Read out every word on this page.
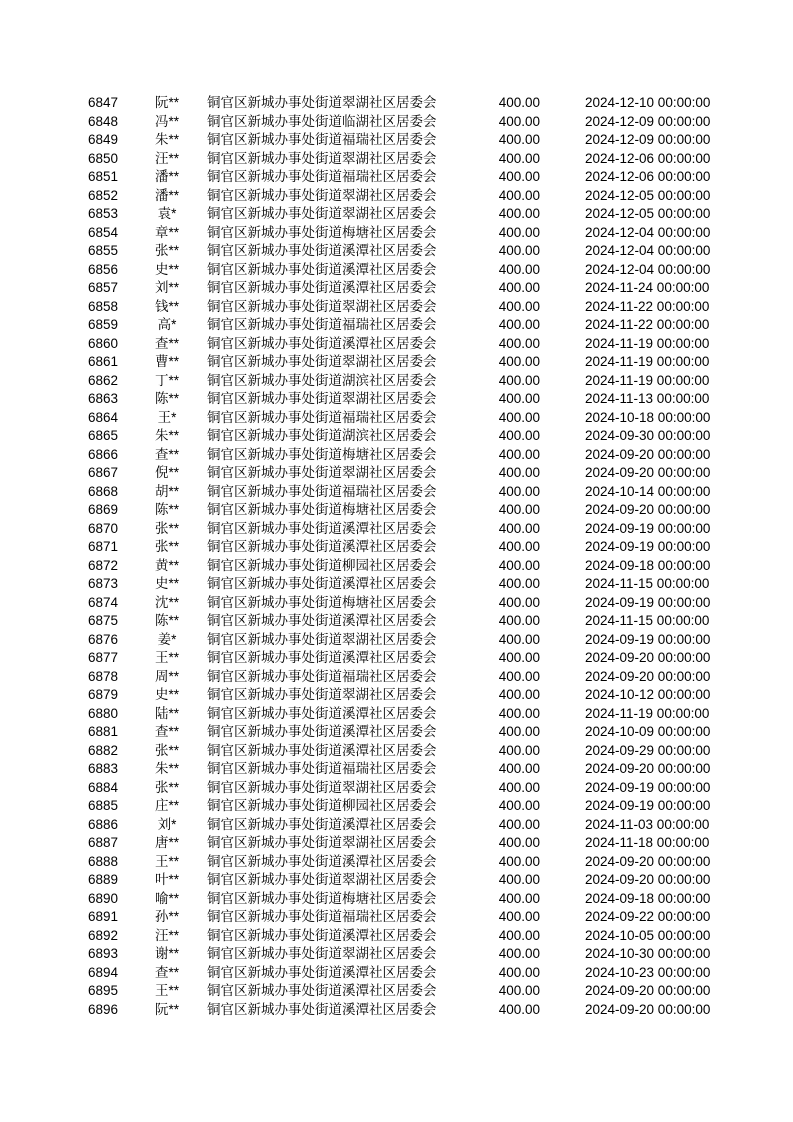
6847	阮**	铜官区新城办事处街道翠湖社区居委会	400.00	2024-12-10 00:00:00
6848	冯**	铜官区新城办事处街道临湖社区居委会	400.00	2024-12-09 00:00:00
6849	朱**	铜官区新城办事处街道福瑞社区居委会	400.00	2024-12-09 00:00:00
6850	汪**	铜官区新城办事处街道翠湖社区居委会	400.00	2024-12-06 00:00:00
6851	潘**	铜官区新城办事处街道福瑞社区居委会	400.00	2024-12-06 00:00:00
6852	潘**	铜官区新城办事处街道翠湖社区居委会	400.00	2024-12-05 00:00:00
6853	袁*	铜官区新城办事处街道翠湖社区居委会	400.00	2024-12-05 00:00:00
6854	章**	铜官区新城办事处街道梅塘社区居委会	400.00	2024-12-04 00:00:00
6855	张**	铜官区新城办事处街道溪潭社区居委会	400.00	2024-12-04 00:00:00
6856	史**	铜官区新城办事处街道溪潭社区居委会	400.00	2024-12-04 00:00:00
6857	刘**	铜官区新城办事处街道溪潭社区居委会	400.00	2024-11-24 00:00:00
6858	钱**	铜官区新城办事处街道翠湖社区居委会	400.00	2024-11-22 00:00:00
6859	高*	铜官区新城办事处街道福瑞社区居委会	400.00	2024-11-22 00:00:00
6860	查**	铜官区新城办事处街道溪潭社区居委会	400.00	2024-11-19 00:00:00
6861	曹**	铜官区新城办事处街道翠湖社区居委会	400.00	2024-11-19 00:00:00
6862	丁**	铜官区新城办事处街道湖滨社区居委会	400.00	2024-11-19 00:00:00
6863	陈**	铜官区新城办事处街道翠湖社区居委会	400.00	2024-11-13 00:00:00
6864	王*	铜官区新城办事处街道福瑞社区居委会	400.00	2024-10-18 00:00:00
6865	朱**	铜官区新城办事处街道湖滨社区居委会	400.00	2024-09-30 00:00:00
6866	查**	铜官区新城办事处街道梅塘社区居委会	400.00	2024-09-20 00:00:00
6867	倪**	铜官区新城办事处街道翠湖社区居委会	400.00	2024-09-20 00:00:00
6868	胡**	铜官区新城办事处街道福瑞社区居委会	400.00	2024-10-14 00:00:00
6869	陈**	铜官区新城办事处街道梅塘社区居委会	400.00	2024-09-20 00:00:00
6870	张**	铜官区新城办事处街道溪潭社区居委会	400.00	2024-09-19 00:00:00
6871	张**	铜官区新城办事处街道溪潭社区居委会	400.00	2024-09-19 00:00:00
6872	黄**	铜官区新城办事处街道柳园社区居委会	400.00	2024-09-18 00:00:00
6873	史**	铜官区新城办事处街道溪潭社区居委会	400.00	2024-11-15 00:00:00
6874	沈**	铜官区新城办事处街道梅塘社区居委会	400.00	2024-09-19 00:00:00
6875	陈**	铜官区新城办事处街道溪潭社区居委会	400.00	2024-11-15 00:00:00
6876	姜*	铜官区新城办事处街道翠湖社区居委会	400.00	2024-09-19 00:00:00
6877	王**	铜官区新城办事处街道溪潭社区居委会	400.00	2024-09-20 00:00:00
6878	周**	铜官区新城办事处街道福瑞社区居委会	400.00	2024-09-20 00:00:00
6879	史**	铜官区新城办事处街道翠湖社区居委会	400.00	2024-10-12 00:00:00
6880	陆**	铜官区新城办事处街道溪潭社区居委会	400.00	2024-11-19 00:00:00
6881	查**	铜官区新城办事处街道溪潭社区居委会	400.00	2024-10-09 00:00:00
6882	张**	铜官区新城办事处街道溪潭社区居委会	400.00	2024-09-29 00:00:00
6883	朱**	铜官区新城办事处街道福瑞社区居委会	400.00	2024-09-20 00:00:00
6884	张**	铜官区新城办事处街道翠湖社区居委会	400.00	2024-09-19 00:00:00
6885	庄**	铜官区新城办事处街道柳园社区居委会	400.00	2024-09-19 00:00:00
6886	刘*	铜官区新城办事处街道溪潭社区居委会	400.00	2024-11-03 00:00:00
6887	唐**	铜官区新城办事处街道翠湖社区居委会	400.00	2024-11-18 00:00:00
6888	王**	铜官区新城办事处街道溪潭社区居委会	400.00	2024-09-20 00:00:00
6889	叶**	铜官区新城办事处街道翠湖社区居委会	400.00	2024-09-20 00:00:00
6890	喻**	铜官区新城办事处街道梅塘社区居委会	400.00	2024-09-18 00:00:00
6891	孙**	铜官区新城办事处街道福瑞社区居委会	400.00	2024-09-22 00:00:00
6892	汪**	铜官区新城办事处街道溪潭社区居委会	400.00	2024-10-05 00:00:00
6893	谢**	铜官区新城办事处街道翠湖社区居委会	400.00	2024-10-30 00:00:00
6894	查**	铜官区新城办事处街道溪潭社区居委会	400.00	2024-10-23 00:00:00
6895	王**	铜官区新城办事处街道溪潭社区居委会	400.00	2024-09-20 00:00:00
6896	阮**	铜官区新城办事处街道溪潭社区居委会	400.00	2024-09-20 00:00:00
